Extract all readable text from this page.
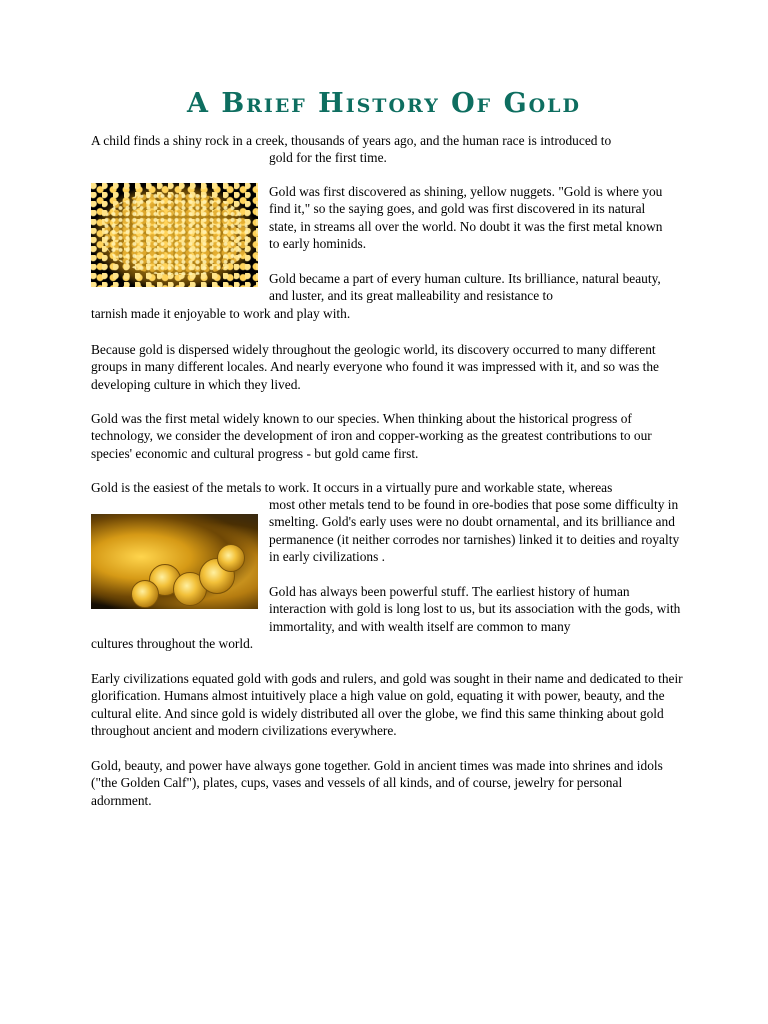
A Brief History Of Gold

A child finds a shiny rock in a creek, thousands of years ago, and the human race is introduced to

gold for the first time.

Gold was first discovered as shining, yellow nuggets. "Gold is where you find it," so the saying goes, and gold was first discovered in its natural state, in streams all over the world. No doubt it was the first metal known to early hominids.

Gold became a part of every human culture. Its brilliance, natural beauty, and luster, and its great malleability and resistance to

tarnish made it enjoyable to work and play with.

Because gold is dispersed widely throughout the geologic world, its discovery occurred to many different groups in many different locales. And nearly everyone who found it was impressed with it, and so was the developing culture in which they lived.

Gold was the first metal widely known to our species. When thinking about the historical progress of technology, we consider the development of iron and copper-working as the greatest contributions to our species' economic and cultural progress - but gold came first.

Gold is the easiest of the metals to work. It occurs in a virtually pure and workable state, whereas

most other metals tend to be found in ore-bodies that pose some difficulty in smelting. Gold's early uses were no doubt ornamental, and its brilliance and permanence (it neither corrodes nor tarnishes) linked it to deities and royalty in early civilizations .

Gold has always been powerful stuff. The earliest history of human interaction with gold is long lost to us, but its association with the gods, with immortality, and with wealth itself are common to many

cultures throughout the world.

Early civilizations equated gold with gods and rulers, and gold was sought in their name and dedicated to their glorification. Humans almost intuitively place a high value on gold, equating it with power, beauty, and the cultural elite. And since gold is widely distributed all over the globe, we find this same thinking about gold throughout ancient and modern civilizations everywhere.

Gold, beauty, and power have always gone together. Gold in ancient times was made into shrines and idols ("the Golden Calf"), plates, cups, vases and vessels of all kinds, and of course, jewelry for personal adornment.
